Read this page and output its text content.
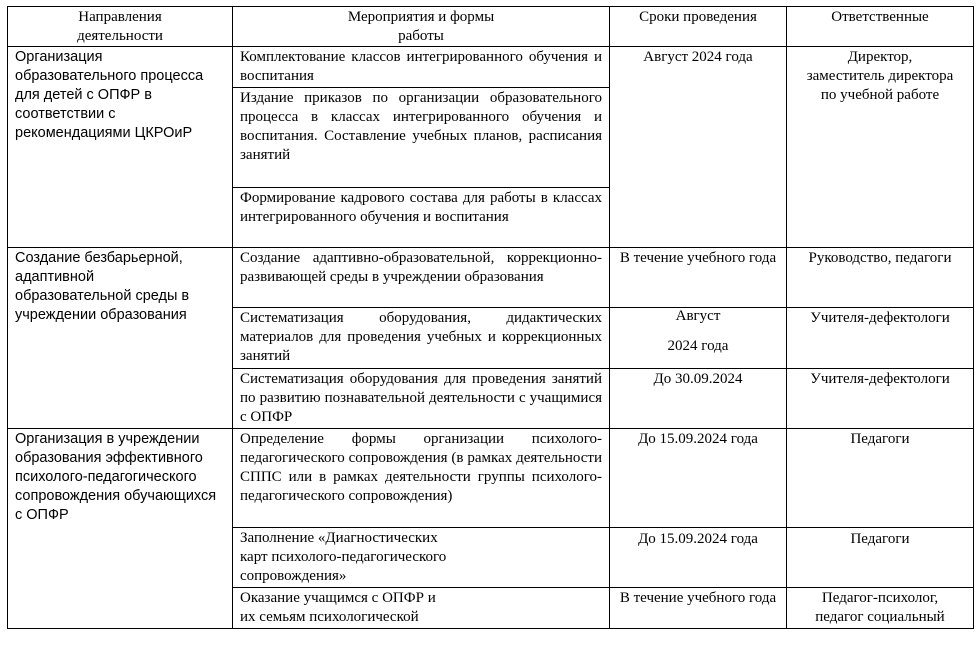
Направления
деятельности	Мероприятия и формы
работы	Сроки проведения	Ответственные
Организация образовательного процесса для детей с ОПФР в соответствии с рекомендациями ЦКРОиР	Комплектование классов интегрированного обучения и воспитания	Август 2024 года	Директор,
заместитель директора
по учебной работе
	Издание приказов по организации образовательного процесса в классах интегрированного обучения и воспитания. Составление учебных планов, расписания занятий		
	Формирование кадрового состава для работы в классах интегрированного обучения и воспитания		
Создание безбарьерной,
адаптивной
образовательной среды в учреждении образования	Создание адаптивно-образовательной, коррекционно-развивающей среды в учреждении образования	В течение учебного года	Руководство, педагоги
	Систематизация оборудования, дидактических материалов для проведения учебных и коррекционных занятий	Август

2024 года	Учителя-дефектологи
	Систематизация оборудования для проведения занятий по развитию познавательной деятельности с учащимися с ОПФР	До 30.09.2024	Учителя-дефектологи
Организация в учреждении образования эффективного психолого-педагогического сопровождения обучающихся с ОПФР	Определение формы организации психолого-педагогического сопровождения (в рамках деятельности СППС или в рамках деятельности группы психолого-педагогического сопровождения)	До 15.09.2024 года	Педагоги
	Заполнение «Диагностических
карт психолого-педагогического
сопровождения»	До 15.09.2024 года	Педагоги
	Оказание учащимся с ОПФР и
их семьям психологической	В течение учебного года	Педагог-психолог,
педагог социальный
